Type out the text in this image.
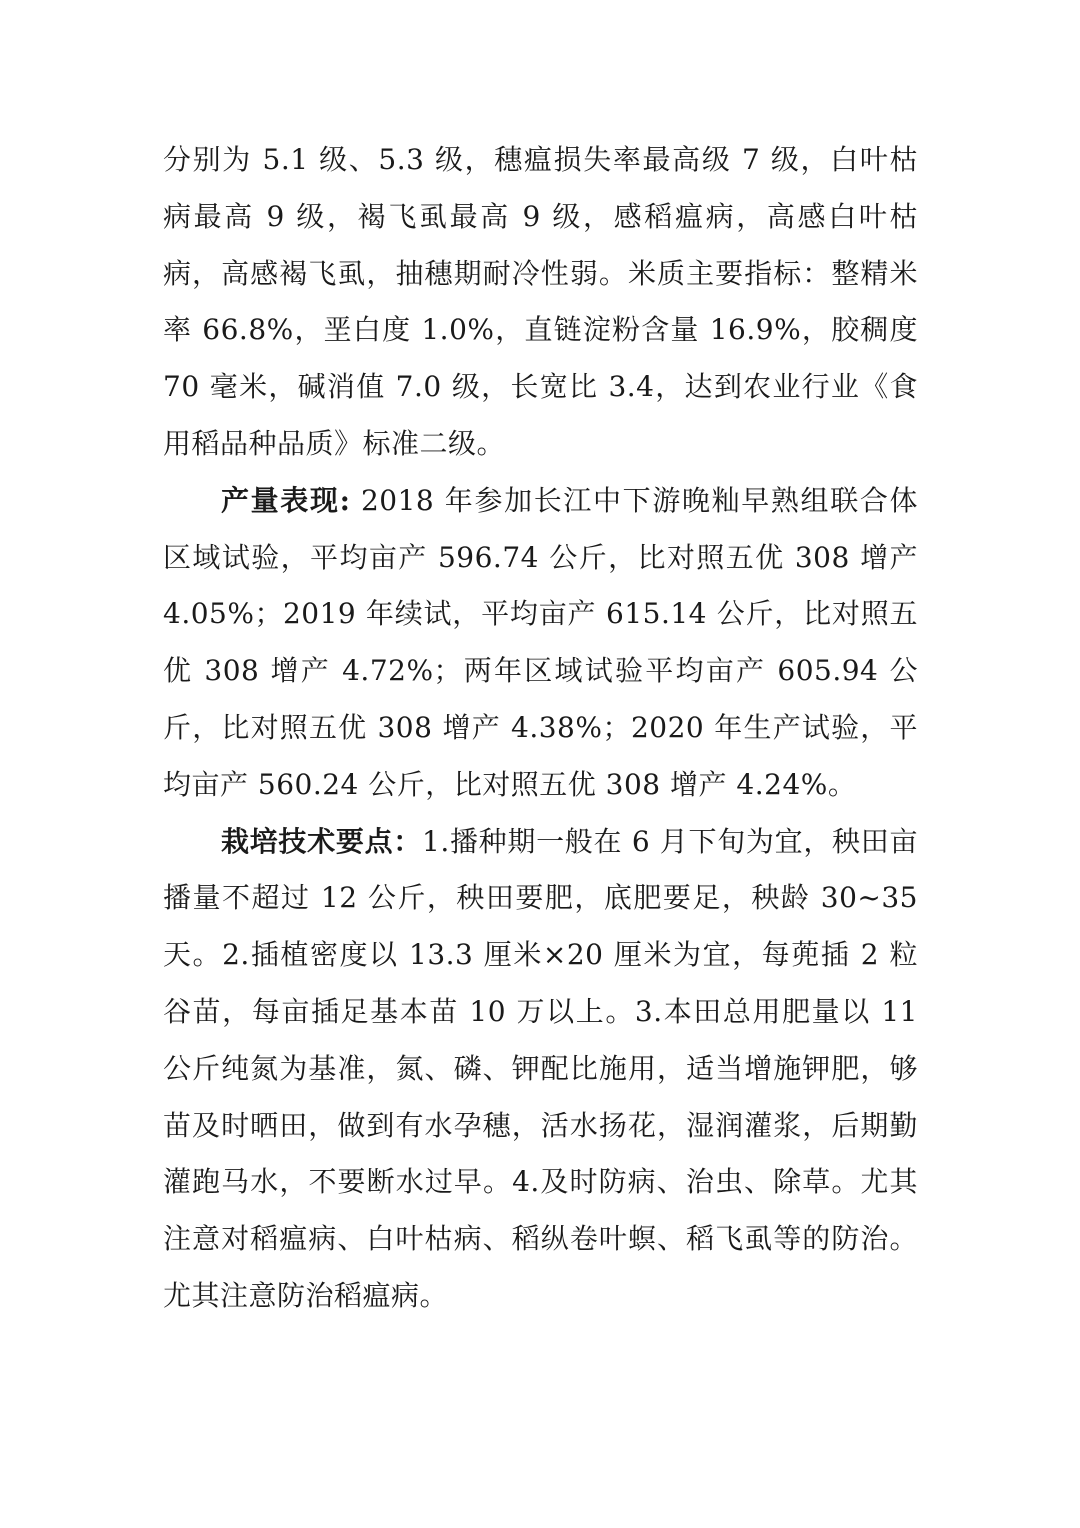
分别为 5.1 级、5.3 级，穗瘟损失率最高级 7 级，白叶枯病最高 9 级，褐飞虱最高 9 级，感稻瘟病，高感白叶枯病，高感褐飞虱，抽穗期耐冷性弱。米质主要指标：整精米率 66.8%，垩白度 1.0%，直链淀粉含量 16.9%，胶稠度 70 毫米，碱消值 7.0 级，长宽比 3.4，达到农业行业《食用稻品种品质》标准二级。

产量表现: 2018 年参加长江中下游晚籼早熟组联合体区域试验，平均亩产 596.74 公斤，比对照五优 308 增产 4.05%；2019 年续试，平均亩产 615.14 公斤，比对照五优 308 增产 4.72%；两年区域试验平均亩产 605.94 公斤，比对照五优 308 增产 4.38%；2020 年生产试验，平均亩产 560.24 公斤，比对照五优 308 增产 4.24%。

栽培技术要点：1.播种期一般在 6 月下旬为宜，秧田亩播量不超过 12 公斤，秧田要肥，底肥要足，秧龄 30~35 天。2.插植密度以 13.3 厘米×20 厘米为宜，每蔸插 2 粒谷苗，每亩插足基本苗 10 万以上。3.本田总用肥量以 11 公斤纯氮为基准，氮、磷、钾配比施用，适当增施钾肥，够苗及时晒田，做到有水孕穗，活水扬花，湿润灌浆，后期勤灌跑马水，不要断水过早。4.及时防病、治虫、除草。尤其注意对稻瘟病、白叶枯病、稻纵卷叶螟、稻飞虱等的防治。尤其注意防治稻瘟病。
